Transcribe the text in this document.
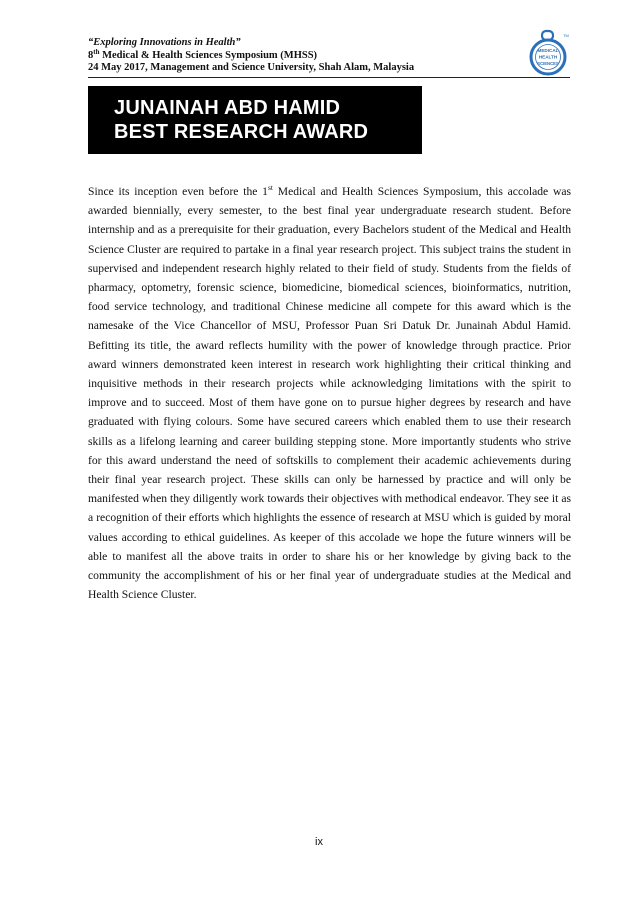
“Exploring Innovations in Health”
8th Medical & Health Sciences Symposium (MHSS)
24 May 2017, Management and Science University, Shah Alam, Malaysia
MEDICAL
HEALTH
SCIENCES
TM
JUNAINAH ABD HAMID
BEST RESEARCH AWARD

Since its inception even before the 1st Medical and Health Sciences Symposium, this accolade was awarded biennially, every semester, to the best final year undergraduate research student. Before internship and as a prerequisite for their graduation, every Bachelors student of the Medical and Health Science Cluster are required to partake in a final year research project. This subject trains the student in supervised and independent research highly related to their field of study. Students from the fields of pharmacy, optometry, forensic science, biomedicine, biomedical sciences, bioinformatics, nutrition, food service technology, and traditional Chinese medicine all compete for this award which is the namesake of the Vice Chancellor of MSU, Professor Puan Sri Datuk Dr. Junainah Abdul Hamid. Befitting its title, the award reflects humility with the power of knowledge through practice. Prior award winners demonstrated keen interest in research work highlighting their critical thinking and inquisitive methods in their research projects while acknowledging limitations with the spirit to improve and to succeed. Most of them have gone on to pursue higher degrees by research and have graduated with flying colours. Some have secured careers which enabled them to use their research skills as a lifelong learning and career building stepping stone. More importantly students who strive for this award understand the need of softskills to complement their academic achievements during their final year research project. These skills can only be harnessed by practice and will only be manifested when they diligently work towards their objectives with methodical endeavor. They see it as a recognition of their efforts which highlights the essence of research at MSU which is guided by moral values according to ethical guidelines. As keeper of this accolade we hope the future winners will be able to manifest all the above traits in order to share his or her knowledge by giving back to the community the accomplishment of his or her final year of undergraduate studies at the Medical and Health Science Cluster.

ix
